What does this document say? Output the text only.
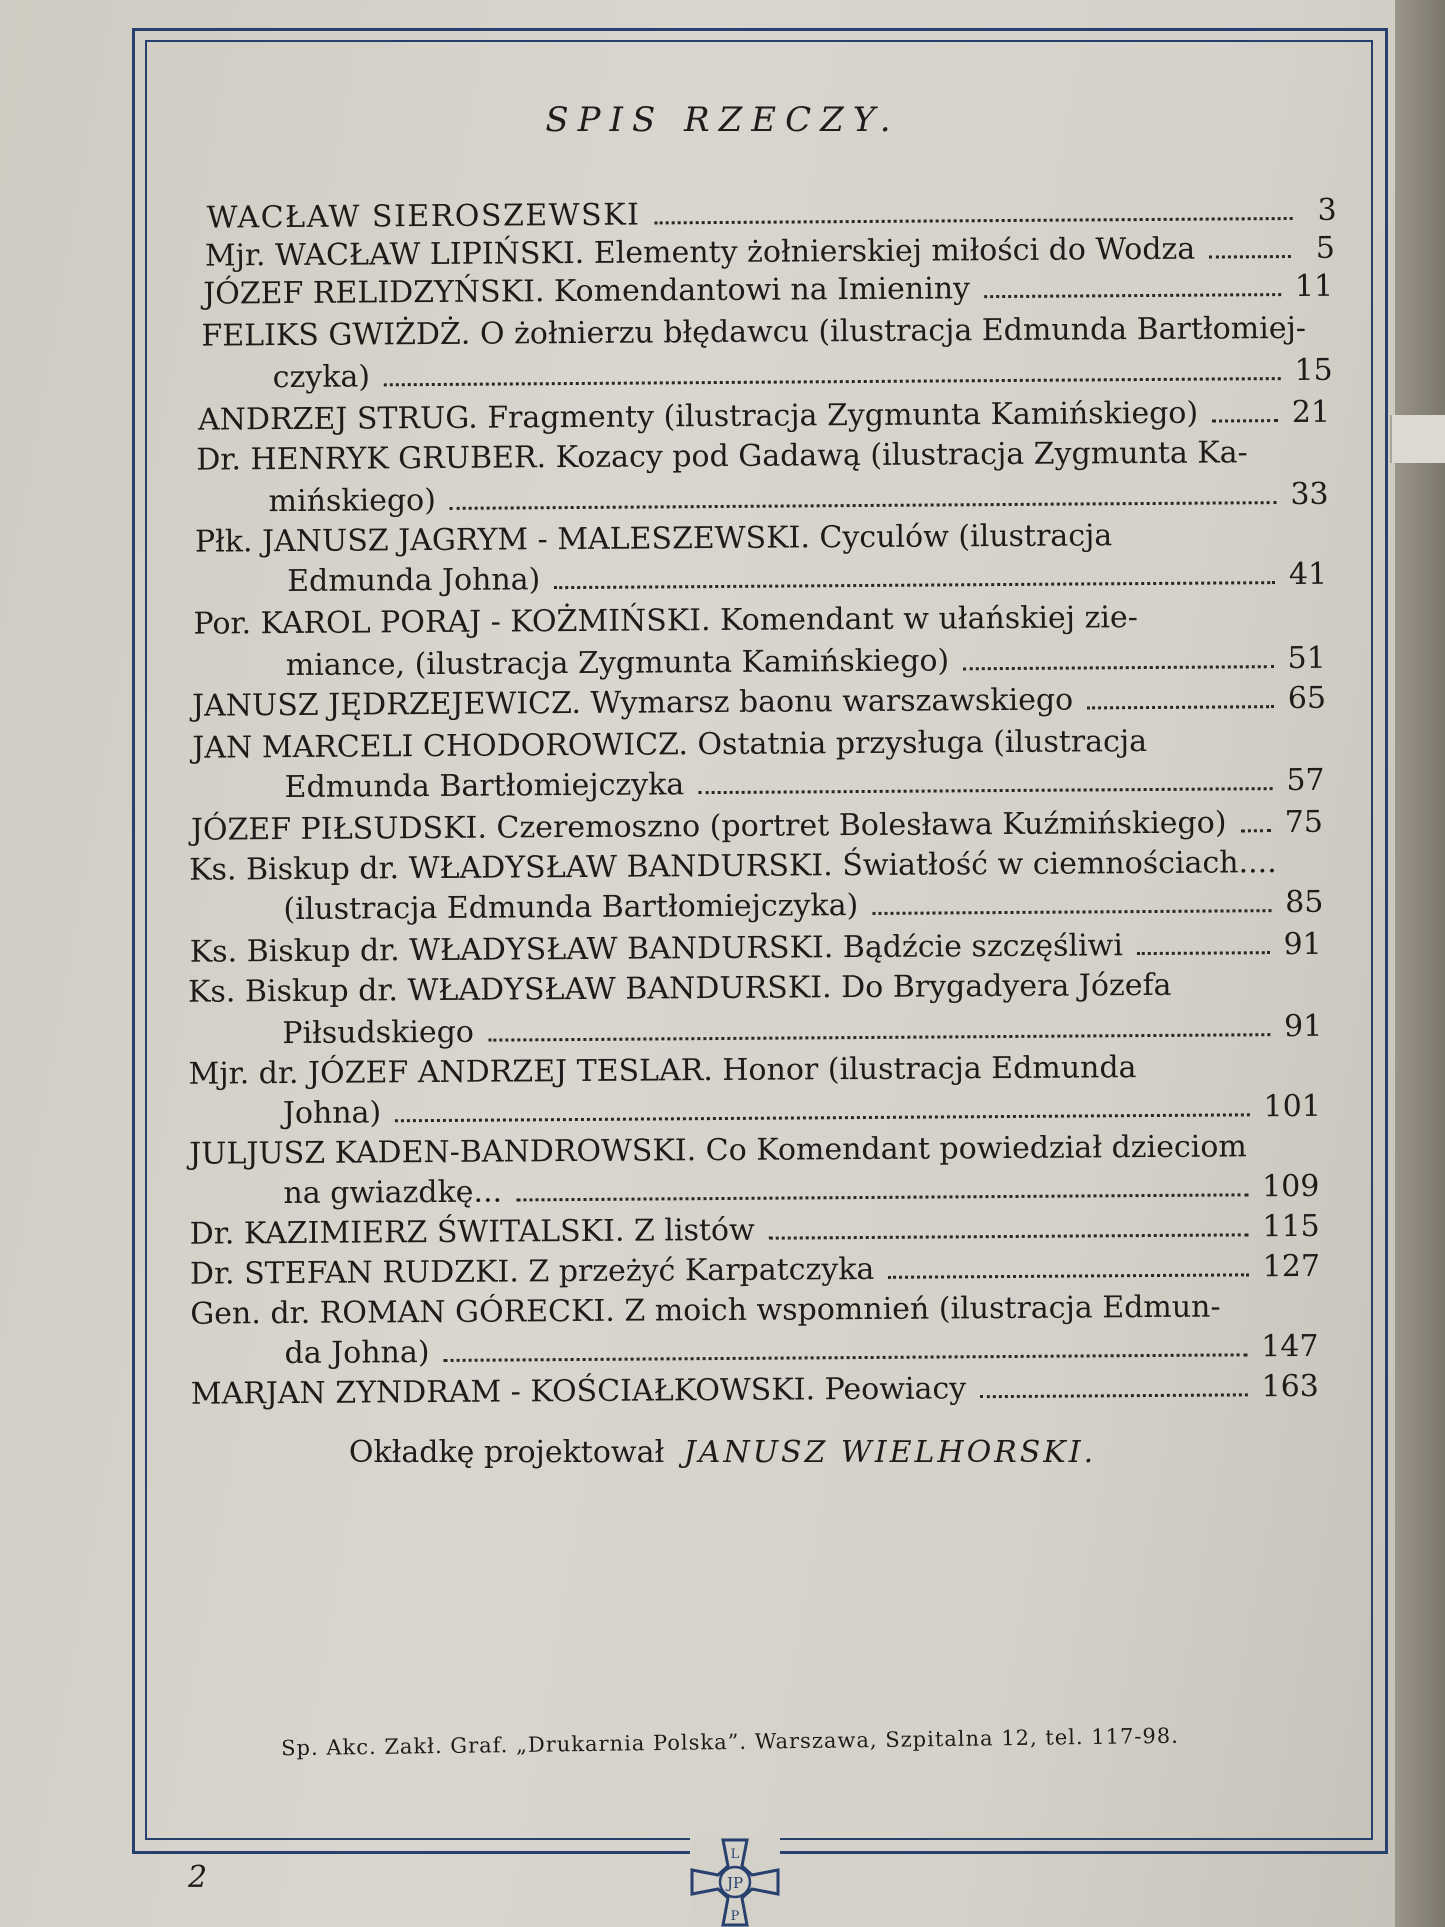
SPIS RZECZY.
WACŁAW SIEROSZEWSKI	3
Mjr. WACŁAW LIPIŃSKI. Elementy żołnierskiej miłości do Wodza	5
JÓZEF RELIDZYŃSKI. Komendantowi na Imieniny	11
FELIKS GWIŻDŻ. O żołnierzu błędawcu (ilustracja Edmunda Bartłomiej-
czyka)	15
ANDRZEJ STRUG. Fragmenty (ilustracja Zygmunta Kamińskiego)	21
Dr. HENRYK GRUBER. Kozacy pod Gadawą (ilustracja Zygmunta Ka-
mińskiego)	33
Płk. JANUSZ JAGRYM - MALESZEWSKI. Cyculów (ilustracja
Edmunda Johna)	41
Por. KAROL PORAJ - KOŻMIŃSKI. Komendant w ułańskiej zie-
miance, (ilustracja Zygmunta Kamińskiego)	51
JANUSZ JĘDRZEJEWICZ. Wymarsz baonu warszawskiego	65
JAN MARCELI CHODOROWICZ. Ostatnia przysługa (ilustracja
Edmunda Bartłomiejczyka	57
JÓZEF PIŁSUDSKI. Czeremoszno (portret Bolesława Kuźmińskiego) 75
Ks. Biskup dr. WŁADYSŁAW BANDURSKI. Światłość w ciemnościach....
(ilustracja Edmunda Bartłomiejczyka)	85
Ks. Biskup dr. WŁADYSŁAW BANDURSKI. Bądźcie szczęśliwi	91
Ks. Biskup dr. WŁADYSŁAW BANDURSKI. Do Brygadyera Józefa
Piłsudskiego	91
Mjr. dr. JÓZEF ANDRZEJ TESLAR. Honor (ilustracja Edmunda
Johna)	101
JULJUSZ KADEN-BANDROWSKI. Co Komendant powiedział dzieciom
na gwiazdkę...	109
Dr. KAZIMIERZ ŚWITALSKI. Z listów	115
Dr. STEFAN RUDZKI. Z przeżyć Karpatczyka	127
Gen. dr. ROMAN GÓRECKI. Z moich wspomnień (ilustracja Edmun-
da Johna)	147
MARJAN ZYNDRAM - KOŚCIAŁKOWSKI. Peowiacy	163
Okładkę projektował JANUSZ WIELHORSKI.
Sp. Akc. Zakł. Graf. „Drukarnia Polska”. Warszawa, Szpitalna 12, tel. 117-98.
2
L
JP
P
